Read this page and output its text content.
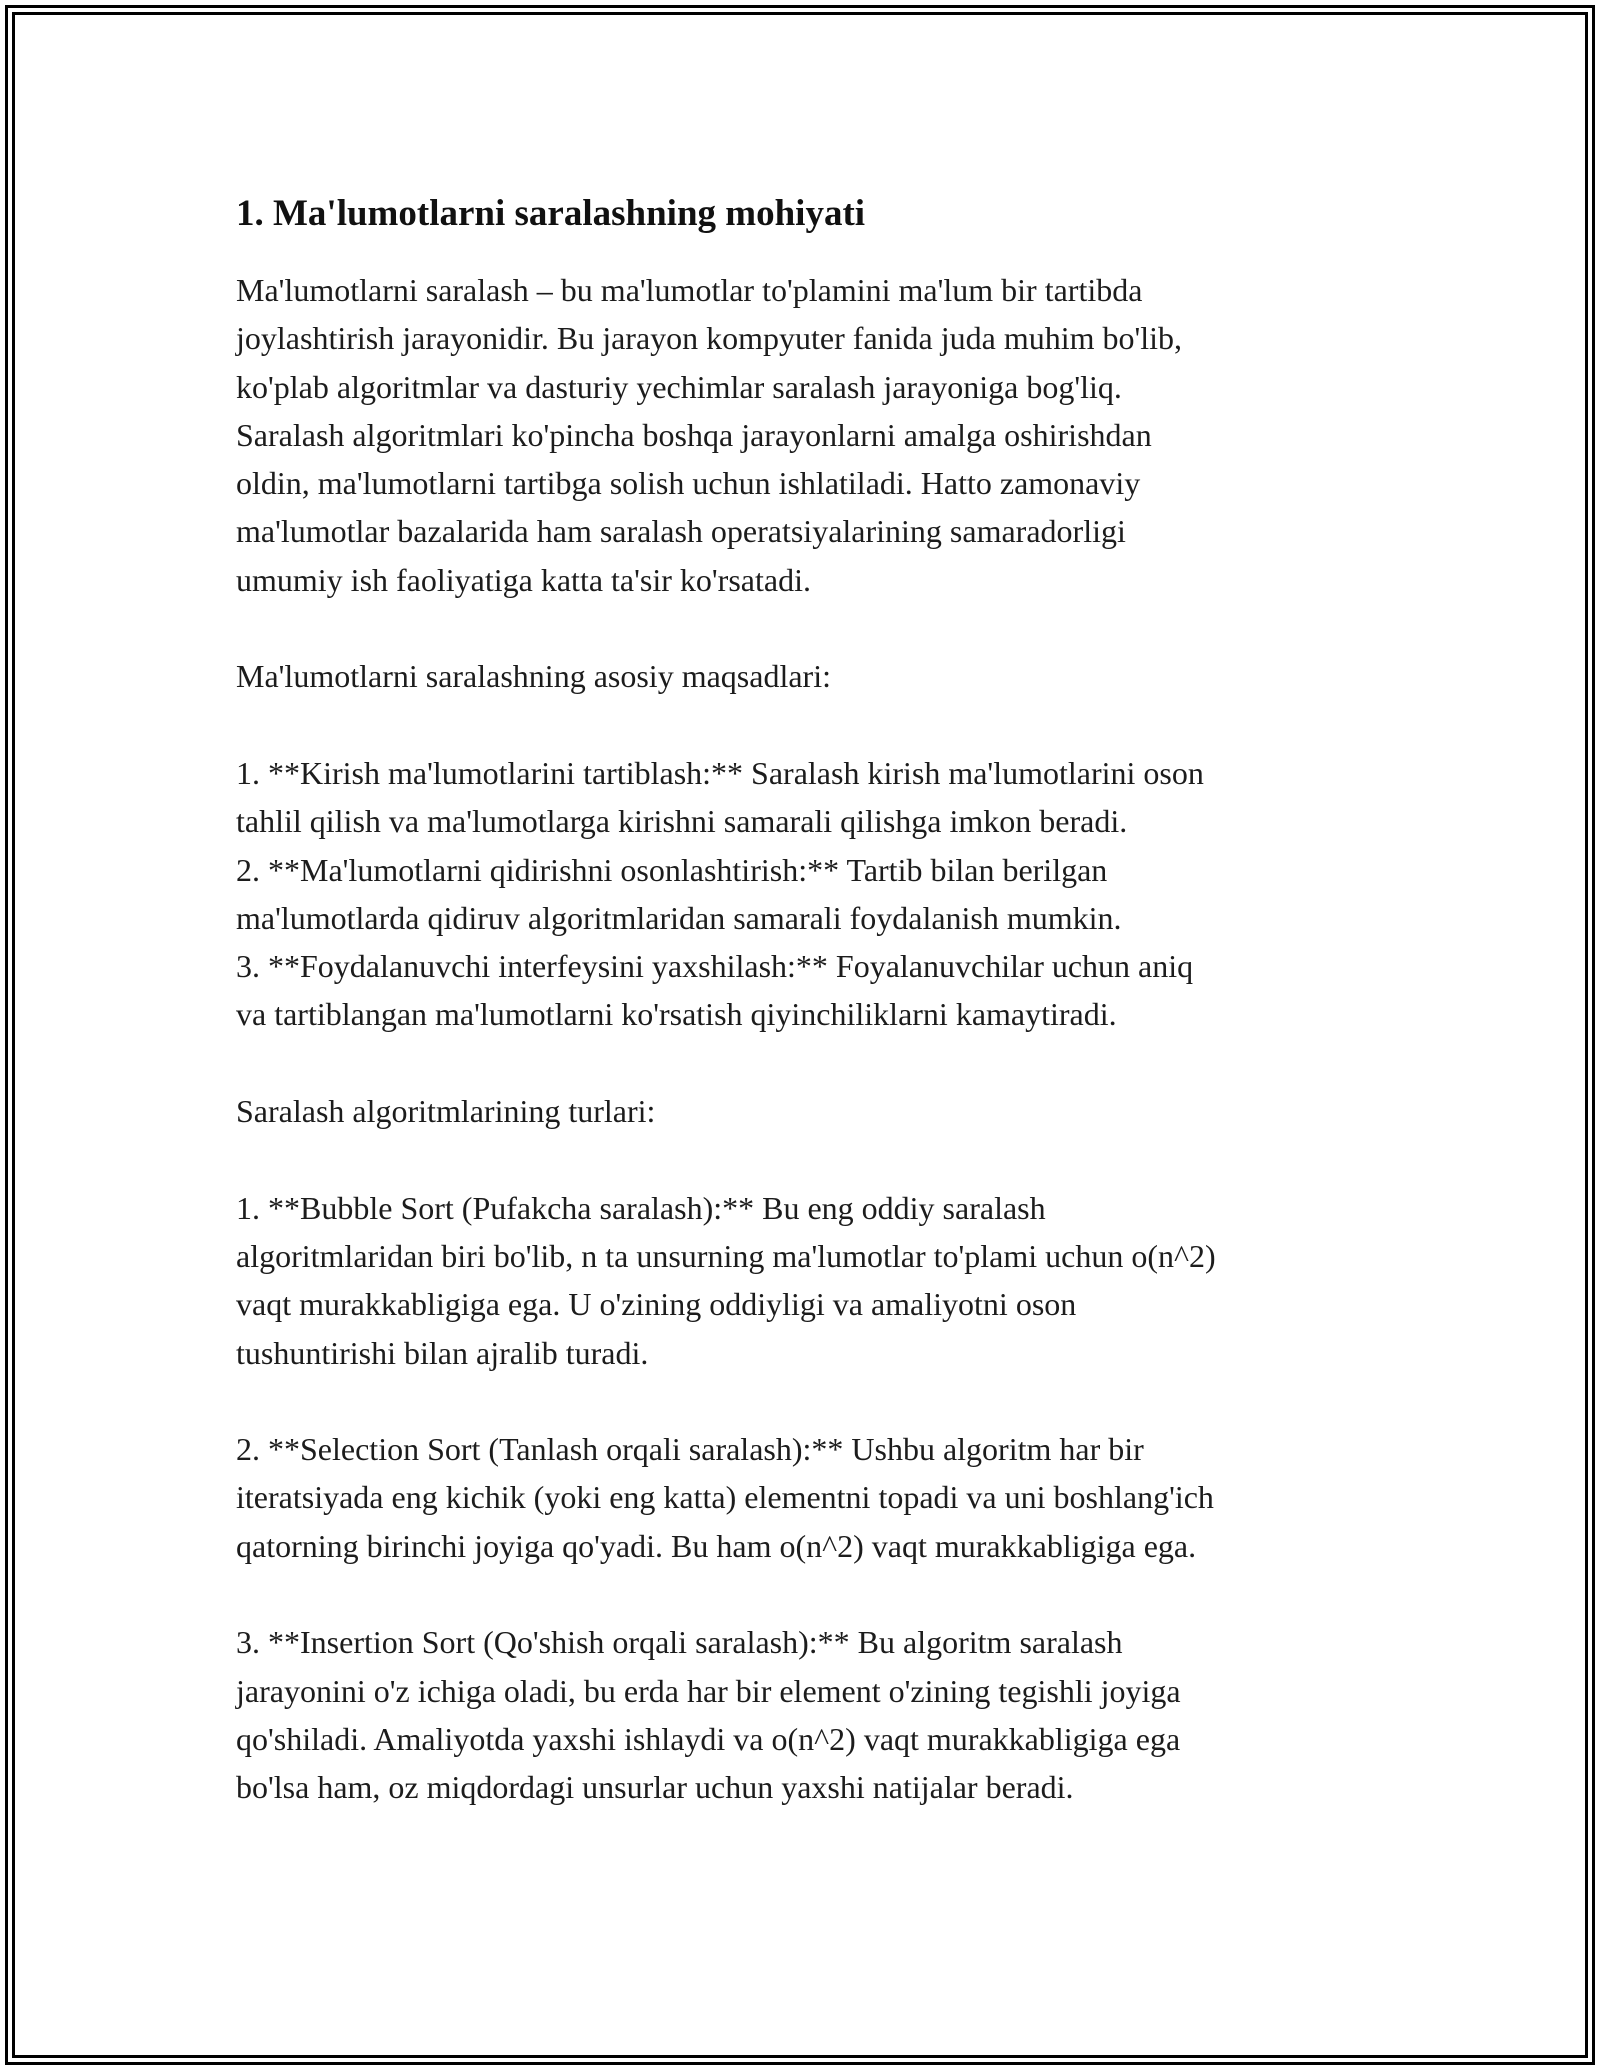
1. Ma'lumotlarni saralashning mohiyati

Ma'lumotlarni saralash – bu ma'lumotlar to'plamini ma'lum bir tartibda
joylashtirish jarayonidir. Bu jarayon kompyuter fanida juda muhim bo'lib,
ko'plab algoritmlar va dasturiy yechimlar saralash jarayoniga bog'liq.
Saralash algoritmlari ko'pincha boshqa jarayonlarni amalga oshirishdan
oldin, ma'lumotlarni tartibga solish uchun ishlatiladi. Hatto zamonaviy
ma'lumotlar bazalarida ham saralash operatsiyalarining samaradorligi
umumiy ish faoliyatiga katta ta'sir ko'rsatadi.

Ma'lumotlarni saralashning asosiy maqsadlari:

1. **Kirish ma'lumotlarini tartiblash:** Saralash kirish ma'lumotlarini oson
tahlil qilish va ma'lumotlarga kirishni samarali qilishga imkon beradi.
2. **Ma'lumotlarni qidirishni osonlashtirish:** Tartib bilan berilgan
ma'lumotlarda qidiruv algoritmlaridan samarali foydalanish mumkin.
3. **Foydalanuvchi interfeysini yaxshilash:** Foyalanuvchilar uchun aniq
va tartiblangan ma'lumotlarni ko'rsatish qiyinchiliklarni kamaytiradi.

Saralash algoritmlarining turlari:

1. **Bubble Sort (Pufakcha saralash):** Bu eng oddiy saralash
algoritmlaridan biri bo'lib, n ta unsurning ma'lumotlar to'plami uchun o(n^2)
vaqt murakkabligiga ega. U o'zining oddiyligi va amaliyotni oson
tushuntirishi bilan ajralib turadi.

2. **Selection Sort (Tanlash orqali saralash):** Ushbu algoritm har bir
iteratsiyada eng kichik (yoki eng katta) elementni topadi va uni boshlang'ich
qatorning birinchi joyiga qo'yadi. Bu ham o(n^2) vaqt murakkabligiga ega.

3. **Insertion Sort (Qo'shish orqali saralash):** Bu algoritm saralash
jarayonini o'z ichiga oladi, bu erda har bir element o'zining tegishli joyiga
qo'shiladi. Amaliyotda yaxshi ishlaydi va o(n^2) vaqt murakkabligiga ega
bo'lsa ham, oz miqdordagi unsurlar uchun yaxshi natijalar beradi.
